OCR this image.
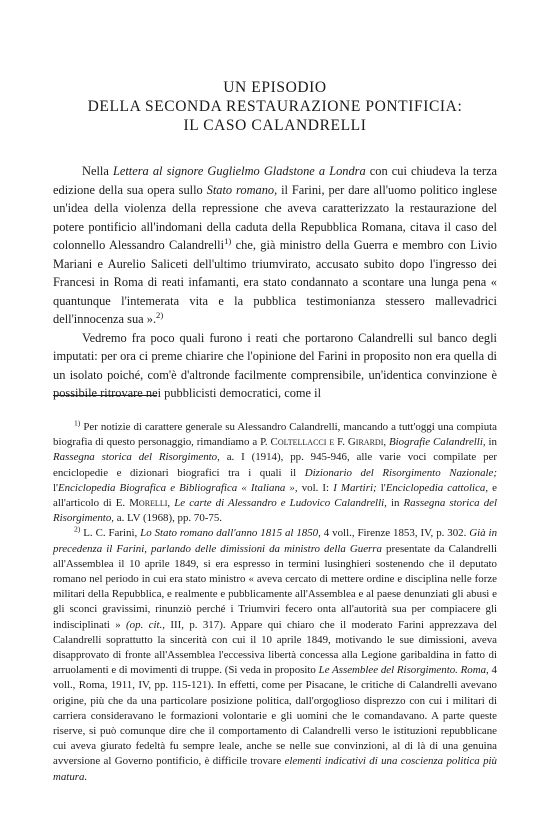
UN EPISODIO
DELLA SECONDA RESTAURAZIONE PONTIFICIA:
IL CASO CALANDRELLI

Nella Lettera al signore Guglielmo Gladstone a Londra con cui chiudeva la terza edizione della sua opera sullo Stato romano, il Farini, per dare all'uomo politico inglese un'idea della violenza della repressione che aveva caratterizzato la restaurazione del potere pontificio all'indomani della caduta della Repubblica Romana, citava il caso del colonnello Alessandro Calandrelli$^{1)}$ che, già ministro della Guerra e membro con Livio Mariani e Aurelio Saliceti dell'ultimo triumvirato, accusato subito dopo l'ingresso dei Francesi in Roma di reati infamanti, era stato condannato a scontare una lunga pena « quantunque l'intemerata vita e la pubblica testimonianza stessero mallevadrici dell'innocenza sua ».$^{2)}$

Vedremo fra poco quali furono i reati che portarono Calandrelli sul banco degli imputati: per ora ci preme chiarire che l'opinione del Farini in proposito non era quella di un isolato poiché, com'è d'altronde facilmente comprensibile, un'identica convinzione è possibile ritrovare nei pubblicisti democratici, come il

$^{1)}$ Per notizie di carattere generale su Alessandro Calandrelli, mancando a tutt'oggi una compiuta biografia di questo personaggio, rimandiamo a P. Coltellacci e F. Girardi, Biografie Calandrelli, in Rassegna storica del Risorgimento, a. I (1914), pp. 945-946, alle varie voci compilate per enciclopedie e dizionari biografici tra i quali il Dizionario del Risorgimento Nazionale; l'Enciclopedia Biografica e Bibliografica « Italiana », vol. I: I Martiri; l'Enciclopedia cattolica, e all'articolo di E. Morelli, Le carte di Alessandro e Ludovico Calandrelli, in Rassegna storica del Risorgimento, a. LV (1968), pp. 70-75.

$^{2)}$ L. C. Farini, Lo Stato romano dall'anno 1815 al 1850, 4 voll., Firenze 1853, IV, p. 302. Già in precedenza il Farini, parlando delle dimissioni da ministro della Guerra presentate da Calandrelli all'Assemblea il 10 aprile 1849, si era espresso in termini lusinghieri sostenendo che il deputato romano nel periodo in cui era stato ministro « aveva cercato di mettere ordine e disciplina nelle forze militari della Repubblica, e realmente e pubblicamente all'Assemblea e al paese denunziati gli abusi e gli sconci gravissimi, rinunziò perché i Triumviri fecero onta all'autorità sua per compiacere gli indisciplinati » (op. cit., III, p. 317). Appare qui chiaro che il moderato Farini apprezzava del Calandrelli soprattutto la sincerità con cui il 10 aprile 1849, motivando le sue dimissioni, aveva disapprovato di fronte all'Assemblea l'eccessiva libertà concessa alla Legione garibaldina in fatto di arruolamenti e di movimenti di truppe. (Si veda in proposito Le Assemblee del Risorgimento. Roma, 4 voll., Roma, 1911, IV, pp. 115-121). In effetti, come per Pisacane, le critiche di Calandrelli avevano origine, più che da una particolare posizione politica, dall'orgoglioso disprezzo con cui i militari di carriera consideravano le formazioni volontarie e gli uomini che le comandavano. A parte queste riserve, si può comunque dire che il comportamento di Calandrelli verso le istituzioni repubblicane cui aveva giurato fedeltà fu sempre leale, anche se nelle sue convinzioni, al di là di una genuina avversione al Governo pontificio, è difficile trovare elementi indicativi di una coscienza politica più matura.
